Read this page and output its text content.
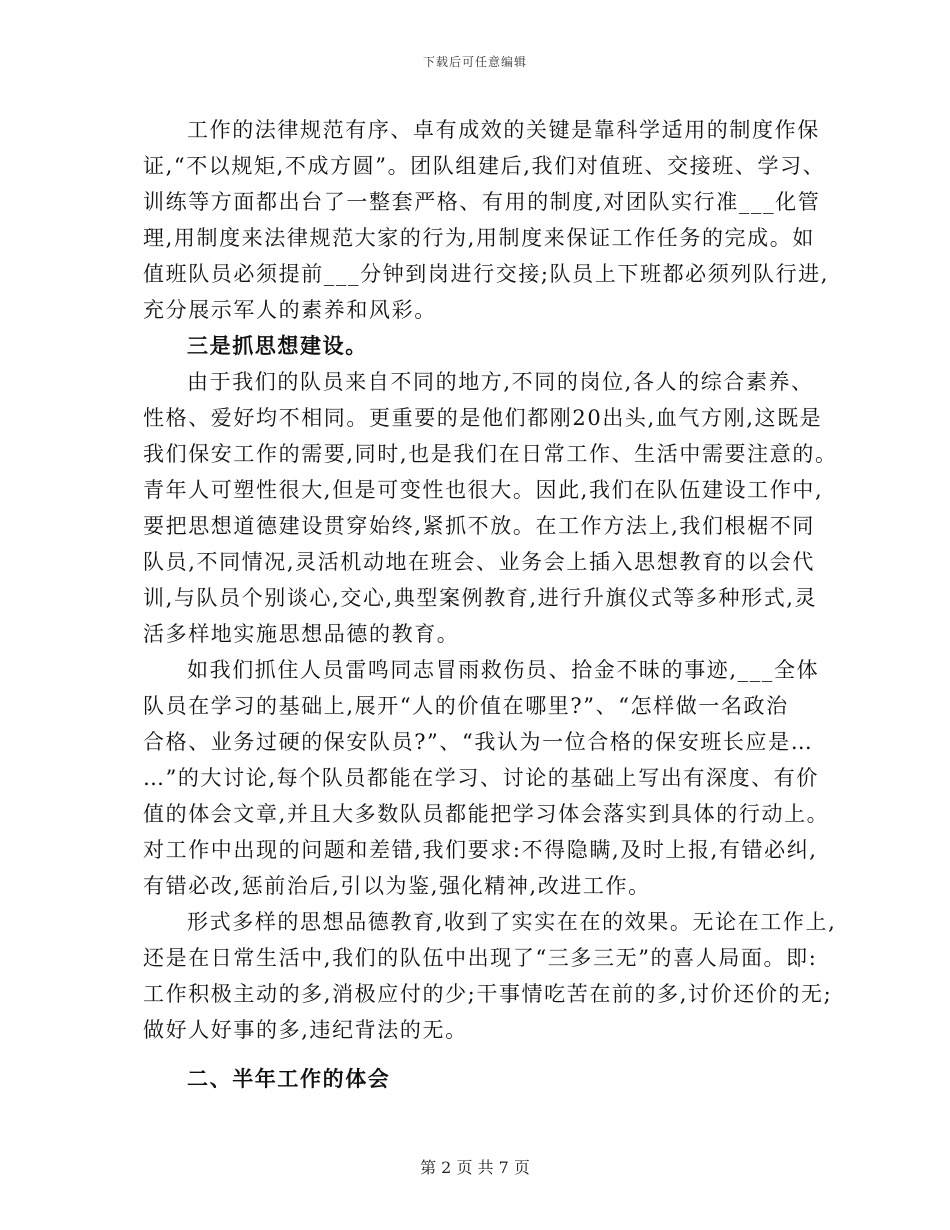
下载后可任意编辑
工作的法律规范有序、卓有成效的关键是靠科学适用的制度作保
证,“不以规矩,不成方圆”。团队组建后,我们对值班、交接班、学习、
训练等方面都出台了一整套严格、有用的制度,对团队实行准___化管
理,用制度来法律规范大家的行为,用制度来保证工作任务的完成。如
值班队员必须提前___分钟到岗进行交接;队员上下班都必须列队行进,
充分展示军人的素养和风彩。
三是抓思想建设。
由于我们的队员来自不同的地方,不同的岗位,各人的综合素养、
性格、爱好均不相同。更重要的是他们都刚20出头,血气方刚,这既是
我们保安工作的需要,同时,也是我们在日常工作、生活中需要注意的。
青年人可塑性很大,但是可变性也很大。因此,我们在队伍建设工作中,
要把思想道德建设贯穿始终,紧抓不放。在工作方法上,我们根椐不同
队员,不同情况,灵活机动地在班会、业务会上插入思想教育的以会代
训,与队员个别谈心,交心,典型案例教育,进行升旗仪式等多种形式,灵
活多样地实施思想品德的教育。
如我们抓住人员雷鸣同志冒雨救伤员、拾金不昧的事迹,___全体
队员在学习的基础上,展开“人的价值在哪里?”、“怎样做一名政治
合格、业务过硬的保安队员?”、“我认为一位合格的保安班长应是…
…”的大讨论,每个队员都能在学习、讨论的基础上写出有深度、有价
值的体会文章,并且大多数队员都能把学习体会落实到具体的行动上。
对工作中出现的问题和差错,我们要求:不得隐瞒,及时上报,有错必纠,
有错必改,惩前治后,引以为鉴,强化精神,改进工作。
形式多样的思想品德教育,收到了实实在在的效果。无论在工作上,
还是在日常生活中,我们的队伍中出现了“三多三无”的喜人局面。即:
工作积极主动的多,消极应付的少;干事情吃苦在前的多,讨价还价的无;
做好人好事的多,违纪背法的无。
二、半年工作的体会
第 2 页 共 7 页
